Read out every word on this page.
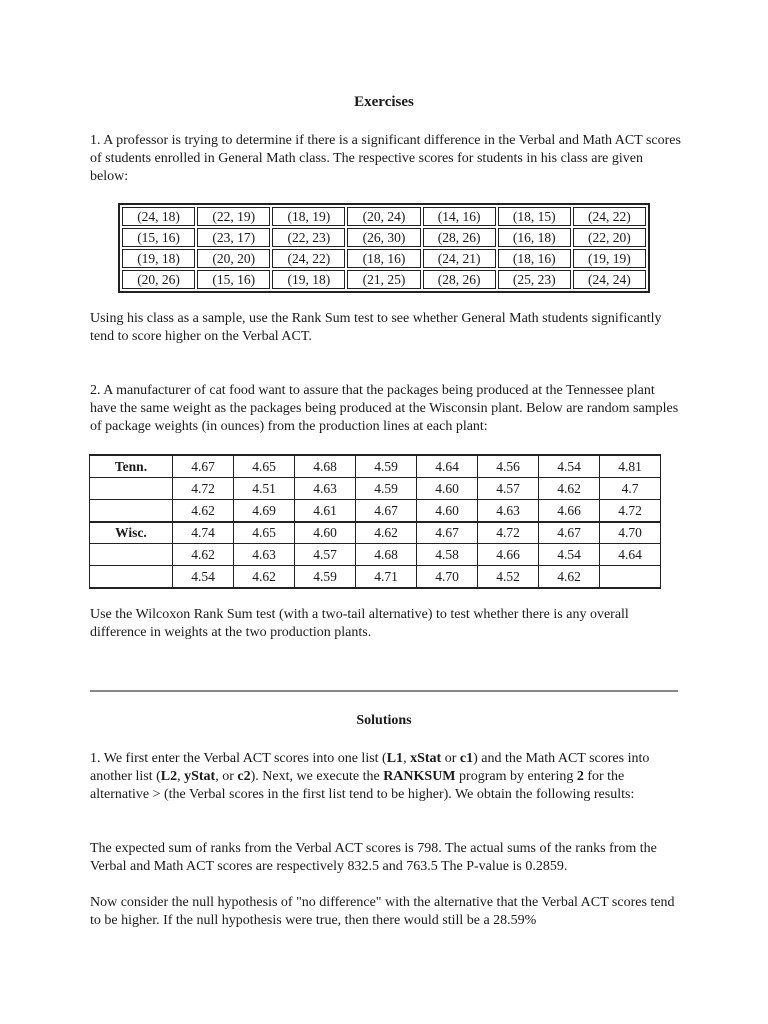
Exercises

1. A professor is trying to determine if there is a significant difference in the Verbal and Math ACT scores of students enrolled in General Math class. The respective scores for students in his class are given below:

(24, 18)	(22, 19)	(18, 19)	(20, 24)	(14, 16)	(18, 15)	(24, 22)
(15, 16)	(23, 17)	(22, 23)	(26, 30)	(28, 26)	(16, 18)	(22, 20)
(19, 18)	(20, 20)	(24, 22)	(18, 16)	(24, 21)	(18, 16)	(19, 19)
(20, 26)	(15, 16)	(19, 18)	(21, 25)	(28, 26)	(25, 23)	(24, 24)

Using his class as a sample, use the Rank Sum test to see whether General Math students significantly tend to score higher on the Verbal ACT.

2. A manufacturer of cat food want to assure that the packages being produced at the Tennessee plant have the same weight as the packages being produced at the Wisconsin plant. Below are random samples of package weights (in ounces) from the production lines at each plant:

Tenn.	4.67	4.65	4.68	4.59	4.64	4.56	4.54	4.81
	4.72	4.51	4.63	4.59	4.60	4.57	4.62	4.7
	4.62	4.69	4.61	4.67	4.60	4.63	4.66	4.72
Wisc.	4.74	4.65	4.60	4.62	4.67	4.72	4.67	4.70
	4.62	4.63	4.57	4.68	4.58	4.66	4.54	4.64
	4.54	4.62	4.59	4.71	4.70	4.52	4.62	

Use the Wilcoxon Rank Sum test (with a two-tail alternative) to test whether there is any overall difference in weights at the two production plants.

Solutions

1. We first enter the Verbal ACT scores into one list (L1, xStat or c1) and the Math ACT scores into another list (L2, yStat, or c2). Next, we execute the RANKSUM program by entering 2 for the alternative > (the Verbal scores in the first list tend to be higher). We obtain the following results:

The expected sum of ranks from the Verbal ACT scores is 798. The actual sums of the ranks from the Verbal and Math ACT scores are respectively 832.5 and 763.5 The P-value is 0.2859.

Now consider the null hypothesis of "no difference" with the alternative that the Verbal ACT scores tend to be higher. If the null hypothesis were true, then there would still be a 28.59%
